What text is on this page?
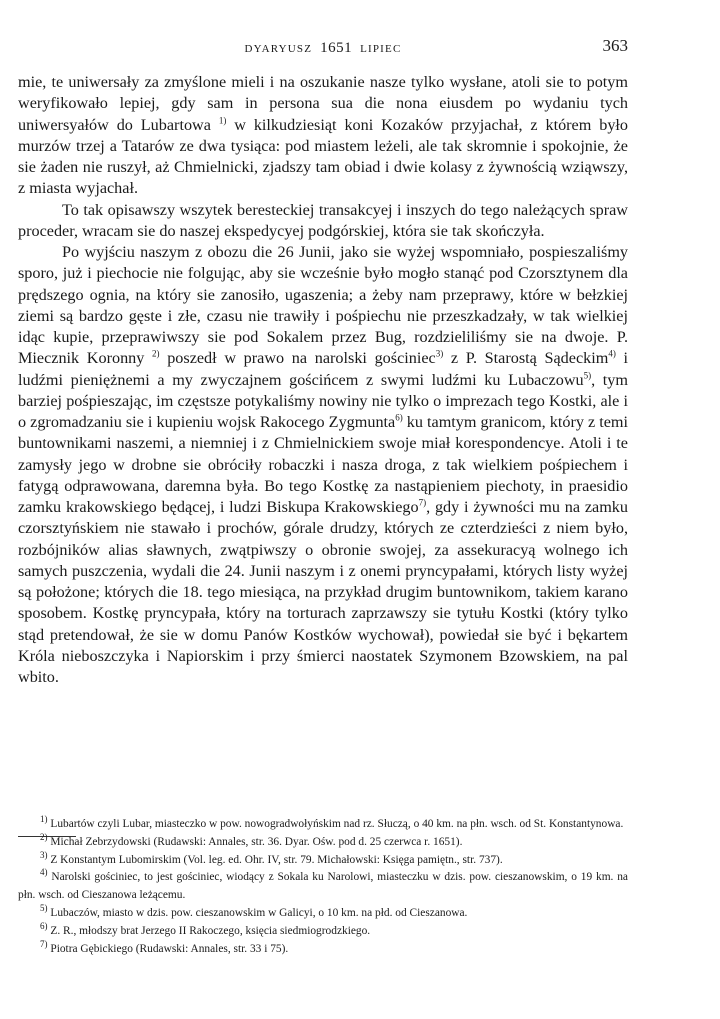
DYARYUSZ 1651 LIPIEC	363

mie, te uniwersały za zmyślone mieli i na oszukanie nasze tylko wysłane, atoli sie to potym weryfikowało lepiej, gdy sam in persona sua die nona eiusdem po wydaniu tych uniwersyałów do Lubartowa $^{1)}$ w kilkudziesiąt koni Kozaków przyjachał, z którem było murzów trzej a Tatarów ze dwa tysiąca: pod miastem leżeli, ale tak skromnie i spokojnie, że sie żaden nie ruszył, aż Chmielnicki, zjadszy tam obiad i dwie kolasy z żywnością wziąwszy, z miasta wyjachał.

To tak opisawszy wszytek beresteckiej transakcyej i inszych do tego należących spraw proceder, wracam sie do naszej ekspedycyej podgórskiej, która sie tak skończyła.

Po wyjściu naszym z obozu die 26 Junii, jako sie wyżej wspomniało, pospieszaliśmy sporo, już i piechocie nie folgując, aby sie wcześnie było mogło stanąć pod Czorsztynem dla prędszego ognia, na który sie zanosiło, ugaszenia; a żeby nam przeprawy, które w bełzkiej ziemi są bardzo gęste i złe, czasu nie trawiły i pośpiechu nie przeszkadzały, w tak wielkiej idąc kupie, przeprawiwszy sie pod Sokalem przez Bug, rozdzieliliśmy sie na dwoje. P. Miecznik Koronny $^{2)}$ poszedł w prawo na narolski gościniec$^{3)}$ z P. Starostą Sądeckim$^{4)}$ i ludźmi pieniężnemi a my zwyczajnem gościńcem z swymi ludźmi ku Lubaczowu$^{5)}$, tym barziej pośpieszając, im częstsze potykaliśmy nowiny nie tylko o imprezach tego Kostki, ale i o zgromadzaniu sie i kupieniu wojsk Rakocego Zygmunta$^{6)}$ ku tamtym granicom, który z temi buntownikami naszemi, a niemniej i z Chmielnickiem swoje miał korespondencye. Atoli i te zamysły jego w drobne sie obróciły robaczki i nasza droga, z tak wielkiem pośpiechem i fatygą odprawowana, daremna była. Bo tego Kostkę za nastąpieniem piechoty, in praesidio zamku krakowskiego będącej, i ludzi Biskupa Krakowskiego$^{7)}$, gdy i żywności mu na zamku czorsztyńskiem nie stawało i prochów, górale drudzy, których ze czterdzieści z niem było, rozbójników alias sławnych, zwątpiwszy o obronie swojej, za assekuracyą wolnego ich samych puszczenia, wydali die 24. Junii naszym i z onemi pryncypałami, których listy wyżej są położone; których die 18. tego miesiąca, na przykład drugim buntownikom, takiem karano sposobem. Kostkę pryncypała, który na torturach zaprzawszy sie tytułu Kostki (który tylko stąd pretendował, że sie w domu Panów Kostków wychował), powiedał sie być i bękartem Króla nieboszczyka i Napiorskim i przy śmierci naostatek Szymonem Bzowskiem, na pal wbito.

$^{1)}$ Lubartów czyli Lubar, miasteczko w pow. nowogradwołyńskim nad rz. Słuczą, o 40 km. na płn. wsch. od St. Konstantynowa.

$^{2)}$ Michał Zebrzydowski (Rudawski: Annales, str. 36. Dyar. Ośw. pod d. 25 czerwca r. 1651).

$^{3)}$ Z Konstantym Lubomirskim (Vol. leg. ed. Ohr. IV, str. 79. Michałowski: Księga pamiętn., str. 737).

$^{4)}$ Narolski gościniec, to jest gościniec, wiodący z Sokala ku Narolowi, miasteczku w dzis. pow. cieszanowskim, o 19 km. na płn. wsch. od Cieszanowa leżącemu.

$^{5)}$ Lubaczów, miasto w dzis. pow. cieszanowskim w Galicyi, o 10 km. na płd. od Cieszanowa.

$^{6)}$ Z. R., młodszy brat Jerzego II Rakoczego, księcia siedmiogrodzkiego.

$^{7)}$ Piotra Gębickiego (Rudawski: Annales, str. 33 i 75).
